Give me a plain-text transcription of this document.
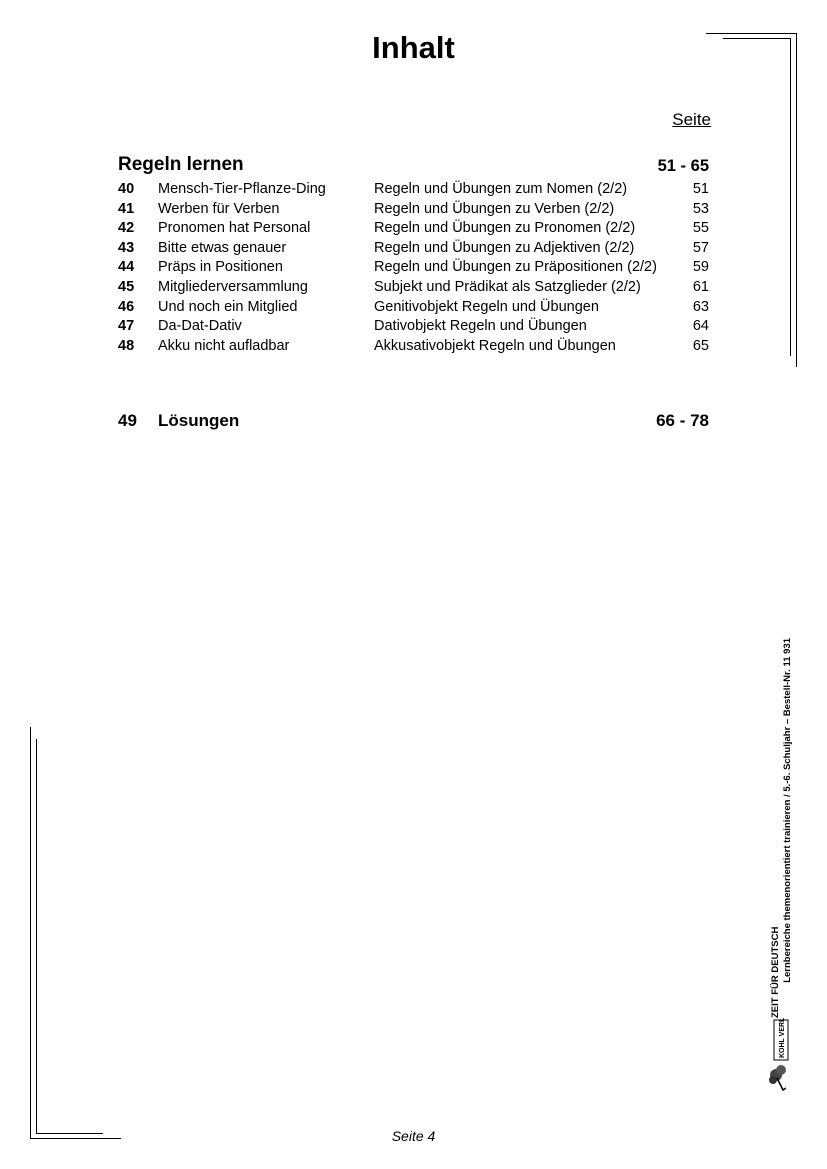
Inhalt
Seite
Regeln lernen	51 - 65
40 Mensch-Tier-Pflanze-Ding	Regeln und Übungen zum Nomen (2/2)	51
41 Werben für Verben	Regeln und Übungen zu Verben (2/2)	53
42 Pronomen hat Personal	Regeln und Übungen zu Pronomen (2/2)	55
43 Bitte etwas genauer	Regeln und Übungen zu Adjektiven (2/2)	57
44 Präps in Positionen	Regeln und Übungen zu Präpositionen (2/2)	59
45 Mitgliederversammlung	Subjekt und Prädikat als Satzglieder (2/2)	61
46 Und noch ein Mitglied	Genitivobjekt Regeln und Übungen	63
47 Da-Dat-Dativ	Dativobjekt Regeln und Übungen	64
48 Akku nicht aufladbar	Akkusativobjekt Regeln und Übungen	65
49 Lösungen	66 - 78
ZEIT FÜR DEUTSCH Lernbereiche themenorientiert trainieren / 5.-6. Schuljahr – Bestell-Nr. 11 931
KOHL VERLAG
Seite 4
